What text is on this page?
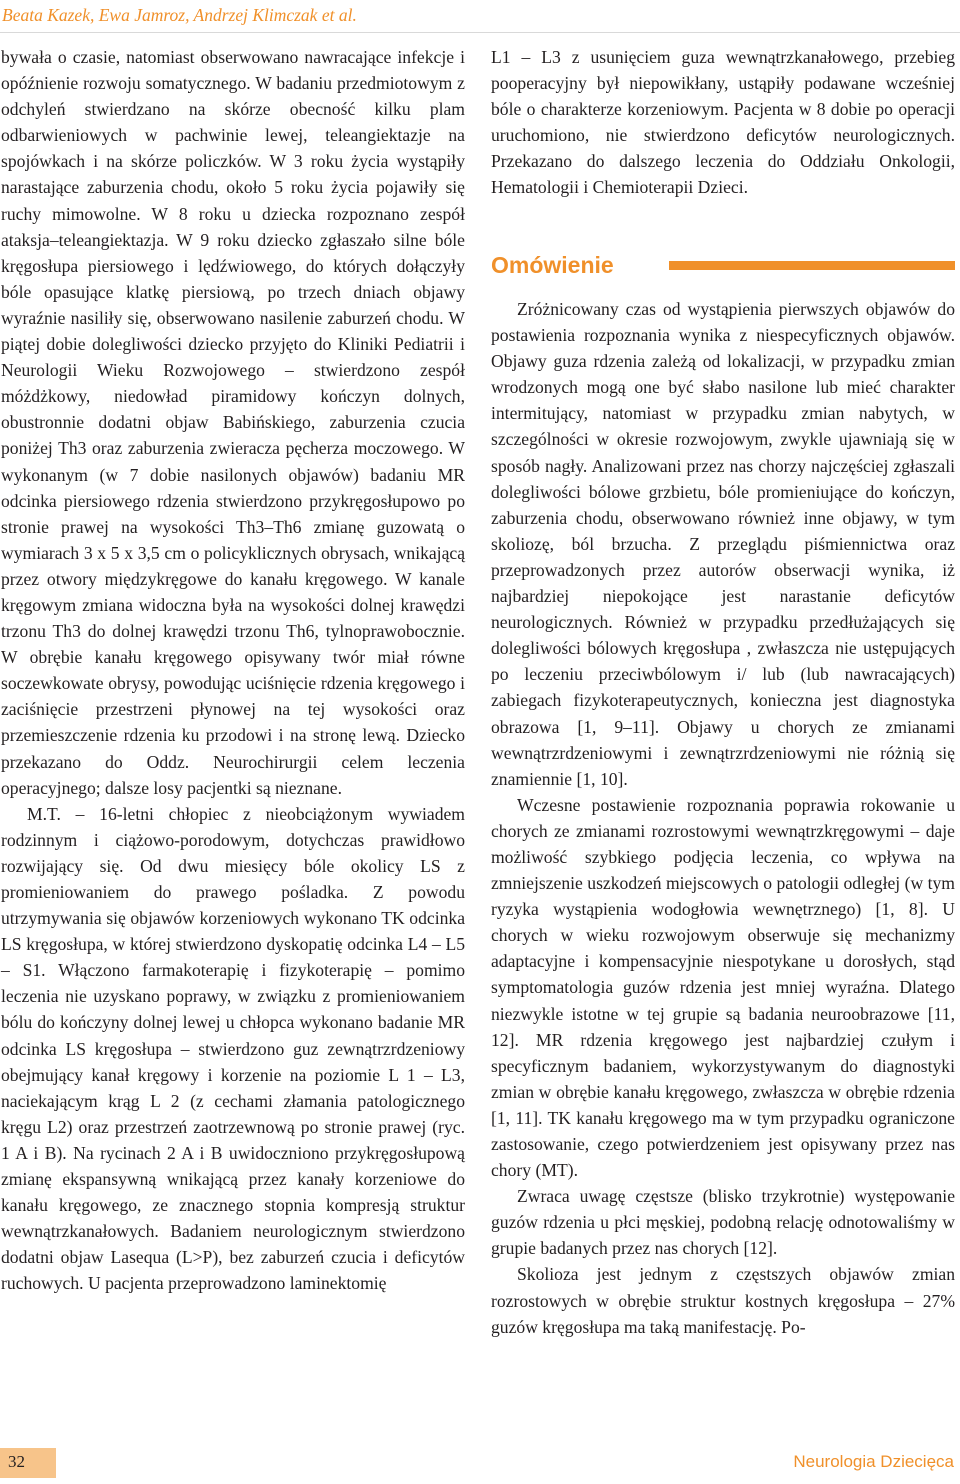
Beata Kazek, Ewa Jamroz, Andrzej Klimczak et al.

bywała o czasie, natomiast obserwowano nawracające infekcje i opóźnienie rozwoju somatycznego. W badaniu przedmiotowym z odchyleń stwierdzano na skórze obecność kilku plam odbarwieniowych w pachwinie lewej, teleangiektazje na spojówkach i na skórze policzków. W 3 roku życia wystąpiły narastające zaburzenia chodu, około 5 roku życia pojawiły się ruchy mimowolne. W 8 roku u dziecka rozpoznano zespół ataksja–teleangiektazja. W 9 roku dziecko zgłaszało silne bóle kręgosłupa piersiowego i lędźwiowego, do których dołączyły bóle opasujące klatkę piersiową, po trzech dniach objawy wyraźnie nasiliły się, obserwowano nasilenie zaburzeń chodu. W piątej dobie dolegliwości dziecko przyjęto do Kliniki Pediatrii i Neurologii Wieku Rozwojowego – stwierdzono zespół móżdżkowy, niedowład piramidowy kończyn dolnych, obustronnie dodatni objaw Babińskiego, zaburzenia czucia poniżej Th3 oraz zaburzenia zwieracza pęcherza moczowego. W wykonanym (w 7 dobie nasilonych objawów) badaniu MR odcinka piersiowego rdzenia stwierdzono przykręgosłupowo po stronie prawej na wysokości Th3–Th6 zmianę guzowatą o wymiarach 3 x 5 x 3,5 cm o policyklicznych obrysach, wnikającą przez otwory międzykręgowe do kanału kręgowego. W kanale kręgowym zmiana widoczna była na wysokości dolnej krawędzi trzonu Th3 do dolnej krawędzi trzonu Th6, tylnoprawobocznie. W obrębie kanału kręgowego opisywany twór miał równe soczewkowate obrysy, powodując uciśnięcie rdzenia kręgowego i zaciśnięcie przestrzeni płynowej na tej wysokości oraz przemieszczenie rdzenia ku przodowi i na stronę lewą. Dziecko przekazano do Oddz. Neurochirurgii celem leczenia operacyjnego; dalsze losy pacjentki są nieznane.

M.T. – 16-letni chłopiec z nieobciążonym wywiadem rodzinnym i ciążowo-porodowym, dotychczas prawidłowo rozwijający się. Od dwu miesięcy bóle okolicy LS z promieniowaniem do prawego pośladka. Z powodu utrzymywania się objawów korzeniowych wykonano TK odcinka LS kręgosłupa, w której stwierdzono dyskopatię odcinka L4 – L5 – S1. Włączono farmakoterapię i fizykoterapię – pomimo leczenia nie uzyskano poprawy, w związku z promieniowaniem bólu do kończyny dolnej lewej u chłopca wykonano badanie MR odcinka LS kręgosłupa – stwierdzono guz zewnątrzrdzeniowy obejmujący kanał kręgowy i korzenie na poziomie L 1 – L3, naciekającym krąg L 2 (z cechami złamania patologicznego kręgu L2) oraz przestrzeń zaotrzewnową po stronie prawej (ryc. 1 A i B). Na rycinach 2 A i B uwidoczniono przykręgosłupową zmianę ekspansywną wnikającą przez kanały korzeniowe do kanału kręgowego, ze znacznego stopnia kompresją struktur wewnątrzkanałowych. Badaniem neurologicznym stwierdzono dodatni objaw Lasequa (L>P), bez zaburzeń czucia i deficytów ruchowych. U pacjenta przeprowadzono laminektomię

L1 – L3 z usunięciem guza wewnątrzkanałowego, przebieg pooperacyjny był niepowikłany, ustąpiły podawane wcześniej bóle o charakterze korzeniowym. Pacjenta w 8 dobie po operacji uruchomiono, nie stwierdzono deficytów neurologicznych. Przekazano do dalszego leczenia do Oddziału Onkologii, Hematologii i Chemioterapii Dzieci.

Omówienie

Zróżnicowany czas od wystąpienia pierwszych objawów do postawienia rozpoznania wynika z niespecyficznych objawów. Objawy guza rdzenia zależą od lokalizacji, w przypadku zmian wrodzonych mogą one być słabo nasilone lub mieć charakter intermitujący, natomiast w przypadku zmian nabytych, w szczególności w okresie rozwojowym, zwykle ujawniają się w sposób nagły. Analizowani przez nas chorzy najczęściej zgłaszali dolegliwości bólowe grzbietu, bóle promieniujące do kończyn, zaburzenia chodu, obserwowano również inne objawy, w tym skoliozę, ból brzucha. Z przeglądu piśmiennictwa oraz przeprowadzonych przez autorów obserwacji wynika, iż najbardziej niepokojące jest narastanie deficytów neurologicznych. Również w przypadku przedłużających się dolegliwości bólowych kręgosłupa , zwłaszcza nie ustępujących po leczeniu przeciwbólowym i/ lub (lub nawracających) zabiegach fizykoterapeutycznych, konieczna jest diagnostyka obrazowa [1, 9–11]. Objawy u chorych ze zmianami wewnątrzrdzeniowymi i zewnątrzrdzeniowymi nie różnią się znamiennie [1, 10].

Wczesne postawienie rozpoznania poprawia rokowanie u chorych ze zmianami rozrostowymi wewnątrzkręgowymi – daje możliwość szybkiego podjęcia leczenia, co wpływa na zmniejszenie uszkodzeń miejscowych o patologii odległej (w tym ryzyka wystąpienia wodogłowia wewnętrznego) [1, 8]. U chorych w wieku rozwojowym obserwuje się mechanizmy adaptacyjne i kompensacyjnie niespotykane u dorosłych, stąd symptomatologia guzów rdzenia jest mniej wyraźna. Dlatego niezwykle istotne w tej grupie są badania neuroobrazowe [11, 12]. MR rdzenia kręgowego jest najbardziej czułym i specyficznym badaniem, wykorzystywanym do diagnostyki zmian w obrębie kanału kręgowego, zwłaszcza w obrębie rdzenia [1, 11]. TK kanału kręgowego ma w tym przypadku ograniczone zastosowanie, czego potwierdzeniem jest opisywany przez nas chory (MT).

Zwraca uwagę częstsze (blisko trzykrotnie) występowanie guzów rdzenia u płci męskiej, podobną relację odnotowaliśmy w grupie badanych przez nas chorych [12].

Skolioza jest jednym z częstszych objawów zmian rozrostowych w obrębie struktur kostnych kręgosłupa – 27% guzów kręgosłupa ma taką manifestację. Po-

32	Neurologia Dziecięca
